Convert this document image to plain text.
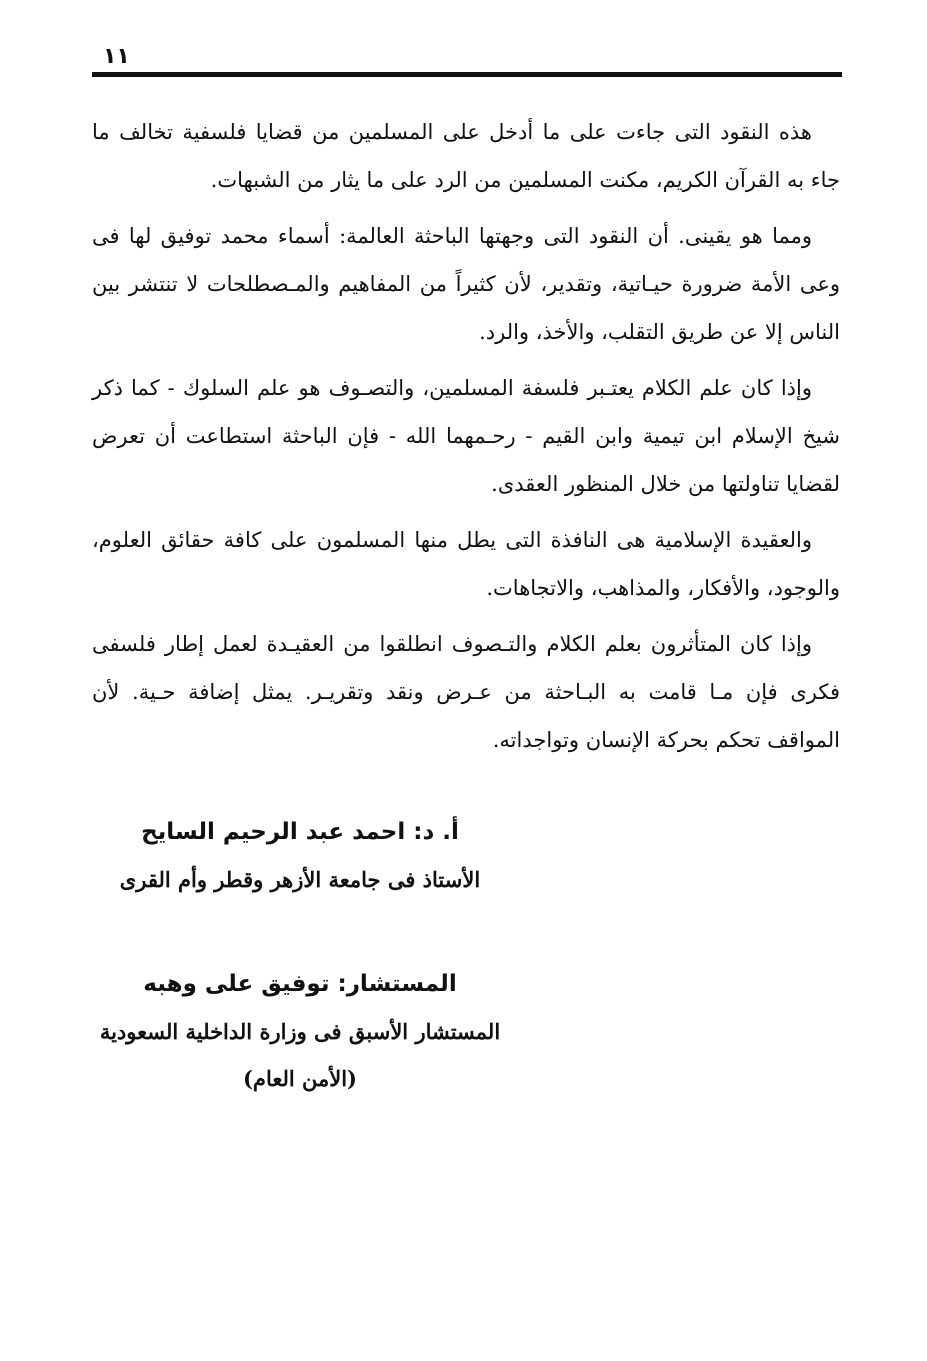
١١

هذه النقود التى جاءت على ما أدخل على المسلمين من قضايا فلسفية تخالف ما جاء به القرآن الكريم، مكنت المسلمين من الرد على ما يثار من الشبهات.

ومما هو يقينى. أن النقود التى وجهتها الباحثة العالمة: أسماء محمد توفيق لها فى وعى الأمة ضرورة حيـاتية، وتقدير، لأن كثيراً من المفاهيم والمـصطلحات لا تنتشر بين الناس إلا عن طريق التقلب، والأخذ، والرد.

وإذا كان علم الكلام يعتـبر فلسفة المسلمين، والتصـوف هو علم السلوك - كما ذكر شيخ الإسلام ابن تيمية وابن القيم - رحـمهما الله - فإن الباحثة استطاعت أن تعرض لقضايا تناولتها من خلال المنظور العقدى.

والعقيدة الإسلامية هى النافذة التى يطل منها المسلمون على كافة حقائق العلوم، والوجود، والأفكار، والمذاهب، والاتجاهات.

وإذا كان المتأثرون بعلم الكلام والتـصوف انطلقوا من العقيـدة لعمل إطار فلسفى فكرى فإن مـا قامت به البـاحثة من عـرض ونقد وتقريـر. يمثل إضافة حـية. لأن المواقف تحكم بحركة الإنسان وتواجداته.

أ. د: احمد عبد الرحيم السايح
الأستاذ فى جامعة الأزهر وقطر وأم القرى
المستشار: توفيق على وهبه
المستشار الأسبق فى وزارة الداخلية السعودية
(الأمن العام)
